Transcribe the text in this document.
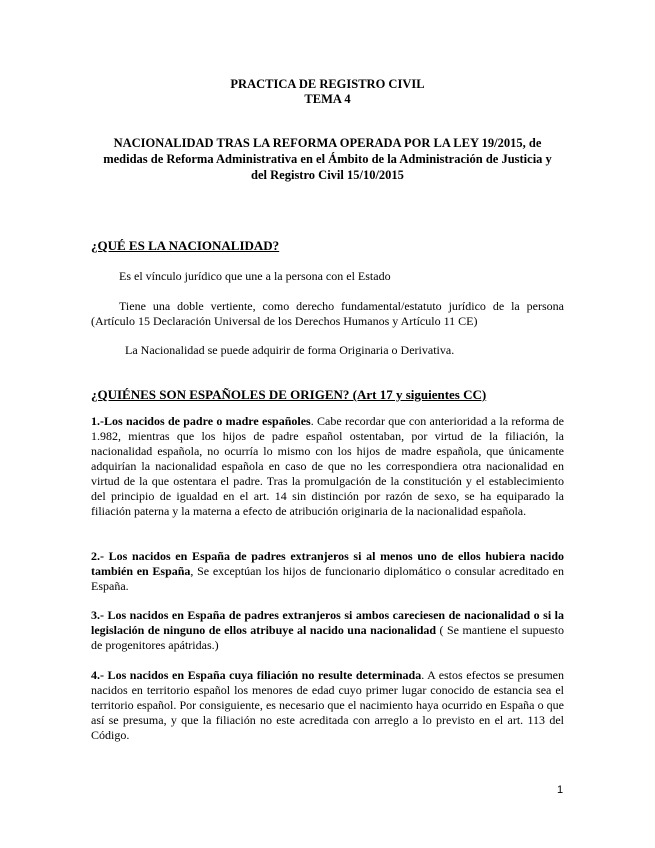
PRACTICA DE REGISTRO CIVIL
TEMA 4
NACIONALIDAD TRAS LA REFORMA OPERADA POR LA LEY 19/2015, de
medidas de Reforma Administrativa en el Ámbito de la Administración de Justicia y
del Registro Civil 15/10/2015
¿QUÉ ES LA NACIONALIDAD?
Es el vínculo jurídico que une a la persona con el Estado
Tiene una doble vertiente, como derecho fundamental/estatuto jurídico de la persona (Artículo 15 Declaración Universal de los Derechos Humanos y Artículo 11 CE)
La Nacionalidad se puede adquirir de forma Originaria o Derivativa.
¿QUIÉNES SON ESPAÑOLES DE ORIGEN? (Art 17 y siguientes CC)
1.-Los nacidos de padre o madre españoles. Cabe recordar que con anterioridad a la reforma de 1.982, mientras que los hijos de padre español ostentaban, por virtud de la filiación, la nacionalidad española, no ocurría lo mismo con los hijos de madre española, que únicamente adquirían la nacionalidad española en caso de que no les correspondiera otra nacionalidad en virtud de la que ostentara el padre. Tras la promulgación de la constitución y el establecimiento del principio de igualdad en el art. 14 sin distinción por razón de sexo, se ha equiparado la filiación paterna y la materna a efecto de atribución originaria de la nacionalidad española.
2.- Los nacidos en España de padres extranjeros si al menos uno de ellos hubiera nacido también en España, Se exceptúan los hijos de funcionario diplomático o consular acreditado en España.
3.- Los nacidos en España de padres extranjeros si ambos careciesen de nacionalidad o si la legislación de ninguno de ellos atribuye al nacido una nacionalidad ( Se mantiene el supuesto de progenitores apátridas.)
4.- Los nacidos en España cuya filiación no resulte determinada. A estos efectos se presumen nacidos en territorio español los menores de edad cuyo primer lugar conocido de estancia sea el territorio español. Por consiguiente, es necesario que el nacimiento haya ocurrido en España o que así se presuma, y que la filiación no este acreditada con arreglo a lo previsto en el art. 113 del Código.
1
